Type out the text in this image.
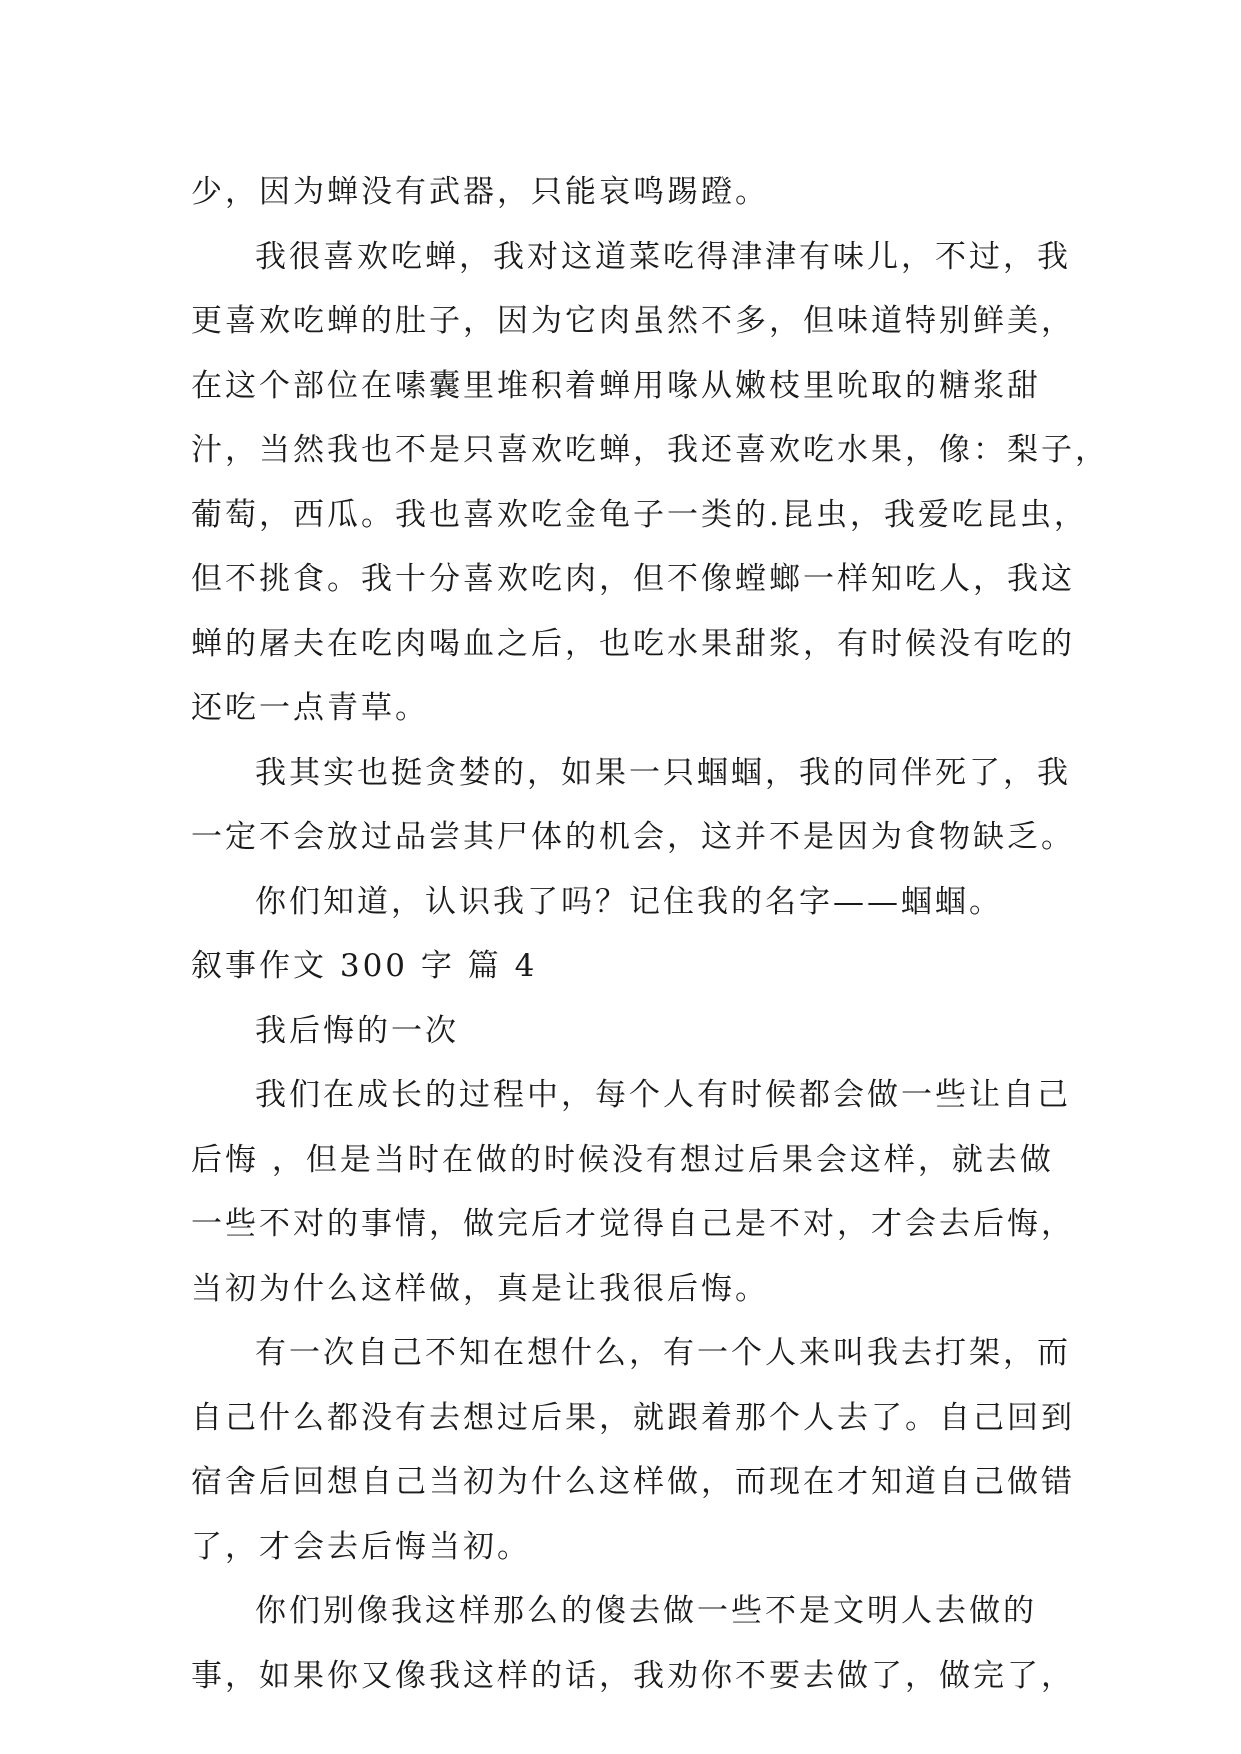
少，因为蝉没有武器，只能哀鸣踢蹬。
我很喜欢吃蝉，我对这道菜吃得津津有味儿，不过，我
更喜欢吃蝉的肚子，因为它肉虽然不多，但味道特别鲜美，
在这个部位在嗉囊里堆积着蝉用喙从嫩枝里吮取的糖浆甜
汁，当然我也不是只喜欢吃蝉，我还喜欢吃水果，像：梨子，
葡萄，西瓜。我也喜欢吃金龟子一类的.昆虫，我爱吃昆虫，
但不挑食。我十分喜欢吃肉，但不像螳螂一样知吃人，我这
蝉的屠夫在吃肉喝血之后，也吃水果甜浆，有时候没有吃的
还吃一点青草。
我其实也挺贪婪的，如果一只蝈蝈，我的同伴死了，我
一定不会放过品尝其尸体的机会，这并不是因为食物缺乏。
你们知道，认识我了吗？记住我的名字——蝈蝈。
叙事作文 300 字 篇 4
我后悔的一次
我们在成长的过程中，每个人有时候都会做一些让自己
后悔 ，但是当时在做的时候没有想过后果会这样，就去做
一些不对的事情，做完后才觉得自己是不对，才会去后悔，
当初为什么这样做，真是让我很后悔。
有一次自己不知在想什么，有一个人来叫我去打架，而
自己什么都没有去想过后果，就跟着那个人去了。自己回到
宿舍后回想自己当初为什么这样做，而现在才知道自己做错
了，才会去后悔当初。
你们别像我这样那么的傻去做一些不是文明人去做的
事，如果你又像我这样的话，我劝你不要去做了，做完了，
